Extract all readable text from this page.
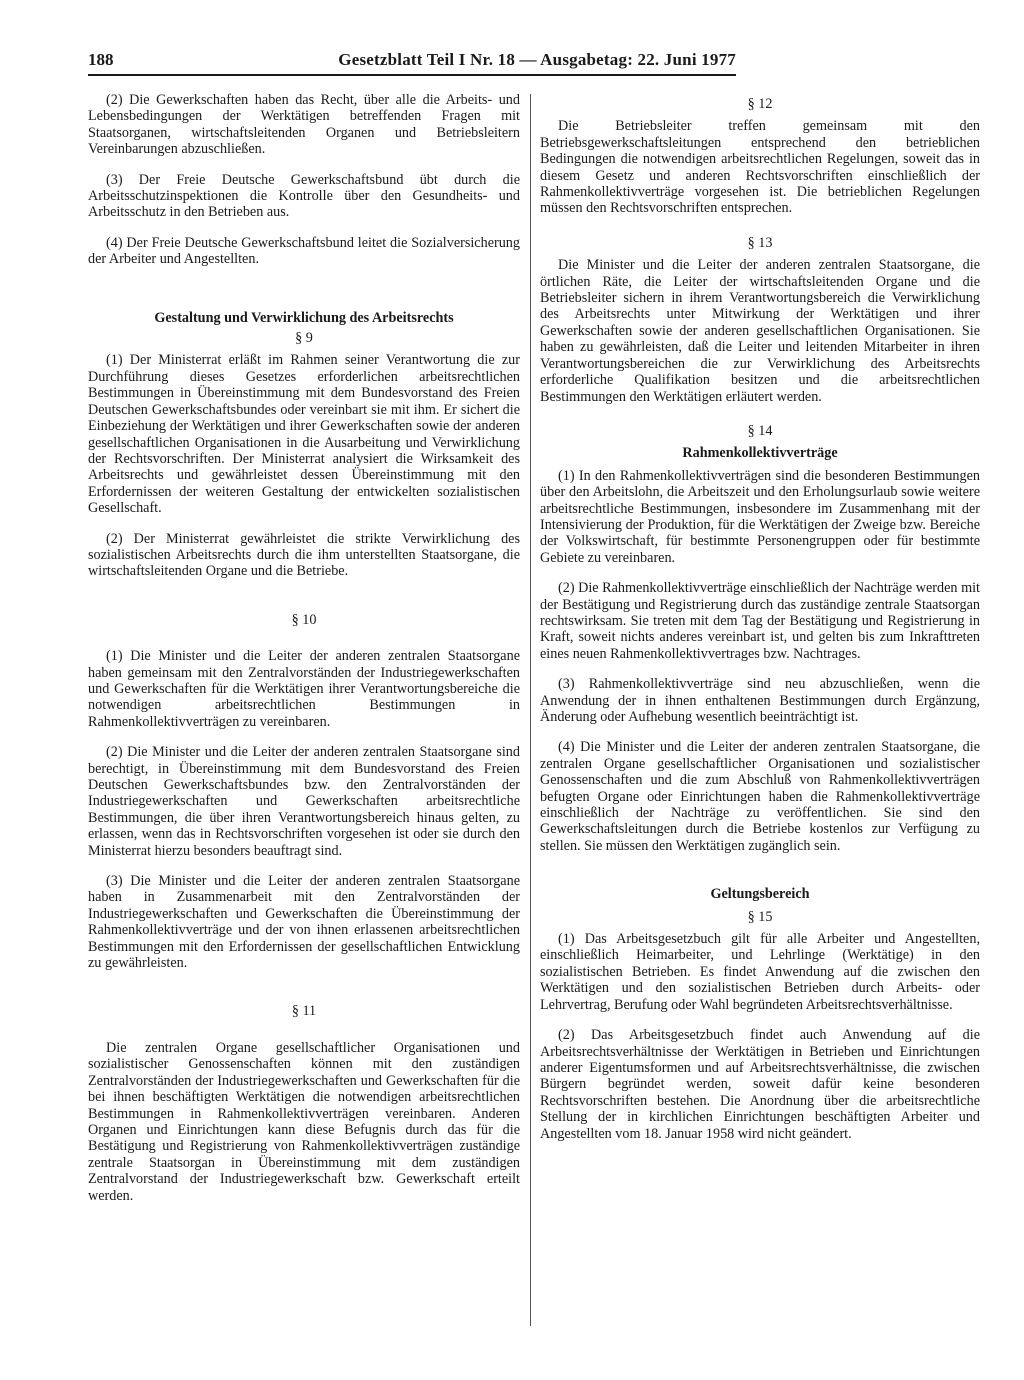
188	Gesetzblatt Teil I Nr. 18 — Ausgabetag: 22. Juni 1977

(2) Die Gewerkschaften haben das Recht, über alle die Arbeits- und Lebensbedingungen der Werktätigen betreffenden Fragen mit Staatsorganen, wirtschaftsleitenden Organen und Betriebsleitern Vereinbarungen abzuschließen.

(3) Der Freie Deutsche Gewerkschaftsbund übt durch die Arbeitsschutzinspektionen die Kontrolle über den Gesundheits- und Arbeitsschutz in den Betrieben aus.

(4) Der Freie Deutsche Gewerkschaftsbund leitet die Sozialversicherung der Arbeiter und Angestellten.

Gestaltung und Verwirklichung des Arbeitsrechts

§ 9

(1) Der Ministerrat erläßt im Rahmen seiner Verantwortung die zur Durchführung dieses Gesetzes erforderlichen arbeitsrechtlichen Bestimmungen in Übereinstimmung mit dem Bundesvorstand des Freien Deutschen Gewerkschaftsbundes oder vereinbart sie mit ihm. Er sichert die Einbeziehung der Werktätigen und ihrer Gewerkschaften sowie der anderen gesellschaftlichen Organisationen in die Ausarbeitung und Verwirklichung der Rechtsvorschriften. Der Ministerrat analysiert die Wirksamkeit des Arbeitsrechts und gewährleistet dessen Übereinstimmung mit den Erfordernissen der weiteren Gestaltung der entwickelten sozialistischen Gesellschaft.

(2) Der Ministerrat gewährleistet die strikte Verwirklichung des sozialistischen Arbeitsrechts durch die ihm unterstellten Staatsorgane, die wirtschaftsleitenden Organe und die Betriebe.

§ 10

(1) Die Minister und die Leiter der anderen zentralen Staatsorgane haben gemeinsam mit den Zentralvorständen der Industriegewerkschaften und Gewerkschaften für die Werktätigen ihrer Verantwortungsbereiche die notwendigen arbeitsrechtlichen Bestimmungen in Rahmenkollektivverträgen zu vereinbaren.

(2) Die Minister und die Leiter der anderen zentralen Staatsorgane sind berechtigt, in Übereinstimmung mit dem Bundesvorstand des Freien Deutschen Gewerkschaftsbundes bzw. den Zentralvorständen der Industriegewerkschaften und Gewerkschaften arbeitsrechtliche Bestimmungen, die über ihren Verantwortungsbereich hinaus gelten, zu erlassen, wenn das in Rechtsvorschriften vorgesehen ist oder sie durch den Ministerrat hierzu besonders beauftragt sind.

(3) Die Minister und die Leiter der anderen zentralen Staatsorgane haben in Zusammenarbeit mit den Zentralvorständen der Industriegewerkschaften und Gewerkschaften die Übereinstimmung der Rahmenkollektivverträge und der von ihnen erlassenen arbeitsrechtlichen Bestimmungen mit den Erfordernissen der gesellschaftlichen Entwicklung zu gewährleisten.

§ 11

Die zentralen Organe gesellschaftlicher Organisationen und sozialistischer Genossenschaften können mit den zuständigen Zentralvorständen der Industriegewerkschaften und Gewerkschaften für die bei ihnen beschäftigten Werktätigen die notwendigen arbeitsrechtlichen Bestimmungen in Rahmenkollektivverträgen vereinbaren. Anderen Organen und Einrichtungen kann diese Befugnis durch das für die Bestätigung und Registrierung von Rahmenkollektivverträgen zuständige zentrale Staatsorgan in Übereinstimmung mit dem zuständigen Zentralvorstand der Industriegewerkschaft bzw. Gewerkschaft erteilt werden.

§ 12

Die Betriebsleiter treffen gemeinsam mit den Betriebsgewerkschaftsleitungen entsprechend den betrieblichen Bedingungen die notwendigen arbeitsrechtlichen Regelungen, soweit das in diesem Gesetz und anderen Rechtsvorschriften einschließlich der Rahmenkollektivverträge vorgesehen ist. Die betrieblichen Regelungen müssen den Rechtsvorschriften entsprechen.

§ 13

Die Minister und die Leiter der anderen zentralen Staatsorgane, die örtlichen Räte, die Leiter der wirtschaftsleitenden Organe und die Betriebsleiter sichern in ihrem Verantwortungsbereich die Verwirklichung des Arbeitsrechts unter Mitwirkung der Werktätigen und ihrer Gewerkschaften sowie der anderen gesellschaftlichen Organisationen. Sie haben zu gewährleisten, daß die Leiter und leitenden Mitarbeiter in ihren Verantwortungsbereichen die zur Verwirklichung des Arbeitsrechts erforderliche Qualifikation besitzen und die arbeitsrechtlichen Bestimmungen den Werktätigen erläutert werden.

§ 14

Rahmenkollektivverträge

(1) In den Rahmenkollektivverträgen sind die besonderen Bestimmungen über den Arbeitslohn, die Arbeitszeit und den Erholungsurlaub sowie weitere arbeitsrechtliche Bestimmungen, insbesondere im Zusammenhang mit der Intensivierung der Produktion, für die Werktätigen der Zweige bzw. Bereiche der Volkswirtschaft, für bestimmte Personengruppen oder für bestimmte Gebiete zu vereinbaren.

(2) Die Rahmenkollektivverträge einschließlich der Nachträge werden mit der Bestätigung und Registrierung durch das zuständige zentrale Staatsorgan rechtswirksam. Sie treten mit dem Tag der Bestätigung und Registrierung in Kraft, soweit nichts anderes vereinbart ist, und gelten bis zum Inkrafttreten eines neuen Rahmenkollektivvertrages bzw. Nachtrages.

(3) Rahmenkollektivverträge sind neu abzuschließen, wenn die Anwendung der in ihnen enthaltenen Bestimmungen durch Ergänzung, Änderung oder Aufhebung wesentlich beeinträchtigt ist.

(4) Die Minister und die Leiter der anderen zentralen Staatsorgane, die zentralen Organe gesellschaftlicher Organisationen und sozialistischer Genossenschaften und die zum Abschluß von Rahmenkollektivverträgen befugten Organe oder Einrichtungen haben die Rahmenkollektivverträge einschließlich der Nachträge zu veröffentlichen. Sie sind den Gewerkschaftsleitungen durch die Betriebe kostenlos zur Verfügung zu stellen. Sie müssen den Werktätigen zugänglich sein.

Geltungsbereich

§ 15

(1) Das Arbeitsgesetzbuch gilt für alle Arbeiter und Angestellten, einschließlich Heimarbeiter, und Lehrlinge (Werktätige) in den sozialistischen Betrieben. Es findet Anwendung auf die zwischen den Werktätigen und den sozialistischen Betrieben durch Arbeits- oder Lehrvertrag, Berufung oder Wahl begründeten Arbeitsrechtsverhältnisse.

(2) Das Arbeitsgesetzbuch findet auch Anwendung auf die Arbeitsrechtsverhältnisse der Werktätigen in Betrieben und Einrichtungen anderer Eigentumsformen und auf Arbeitsrechtsverhältnisse, die zwischen Bürgern begründet werden, soweit dafür keine besonderen Rechtsvorschriften bestehen. Die Anordnung über die arbeitsrechtliche Stellung der in kirchlichen Einrichtungen beschäftigten Arbeiter und Angestellten vom 18. Januar 1958 wird nicht geändert.
